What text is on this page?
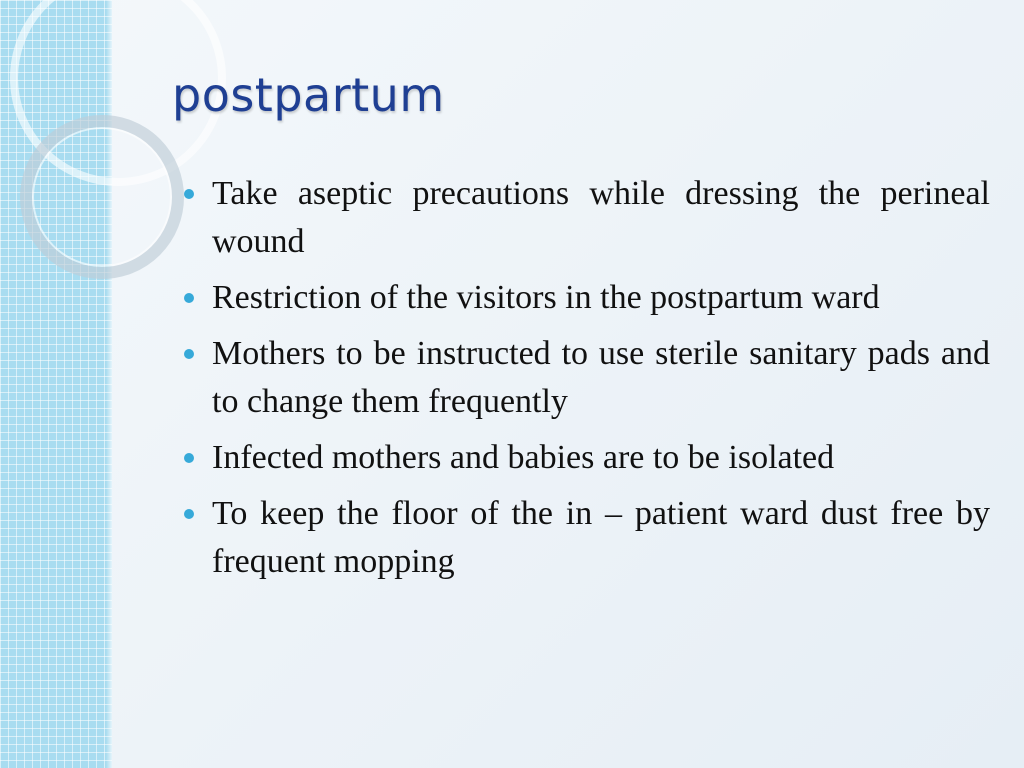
postpartum
Take aseptic precautions while dressing the perineal wound
Restriction of the visitors in the postpartum ward
Mothers to be instructed to use sterile sanitary pads and to change them frequently
Infected mothers and babies are to be isolated
To keep the floor of the in – patient ward dust free by frequent mopping
